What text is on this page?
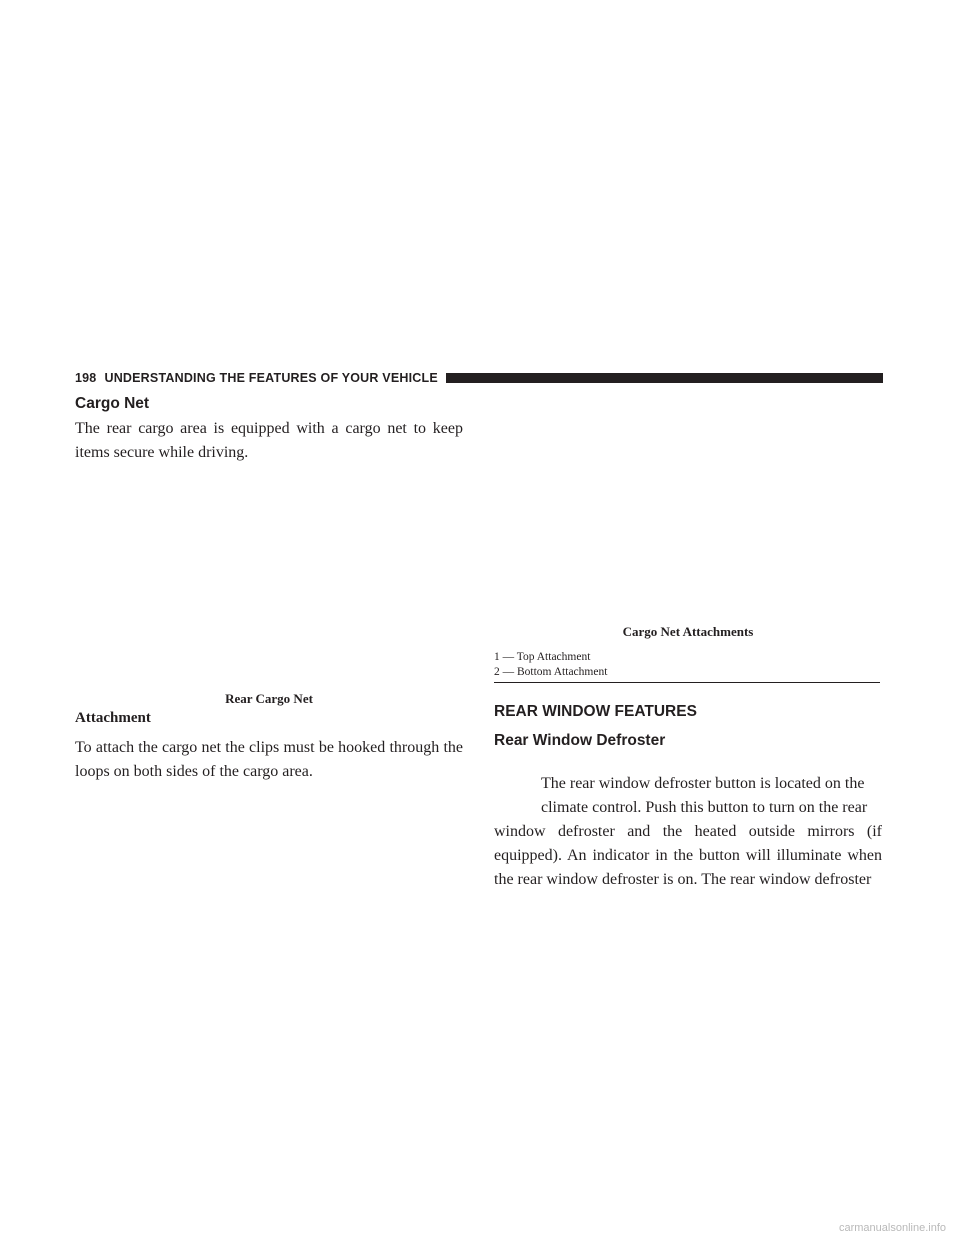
198 UNDERSTANDING THE FEATURES OF YOUR VEHICLE
Cargo Net

The rear cargo area is equipped with a cargo net to keep items secure while driving.

Rear Cargo Net
Attachment

To attach the cargo net the clips must be hooked through the loops on both sides of the cargo area.

Cargo Net Attachments
1 — Top Attachment
2 — Bottom Attachment
REAR WINDOW FEATURES
Rear Window Defroster

The rear window defroster button is located on the

climate control. Push this button to turn on the rear

window defroster and the heated outside mirrors (if equipped). An indicator in the button will illuminate when the rear window defroster is on. The rear window defroster

carmanualsonline.info
